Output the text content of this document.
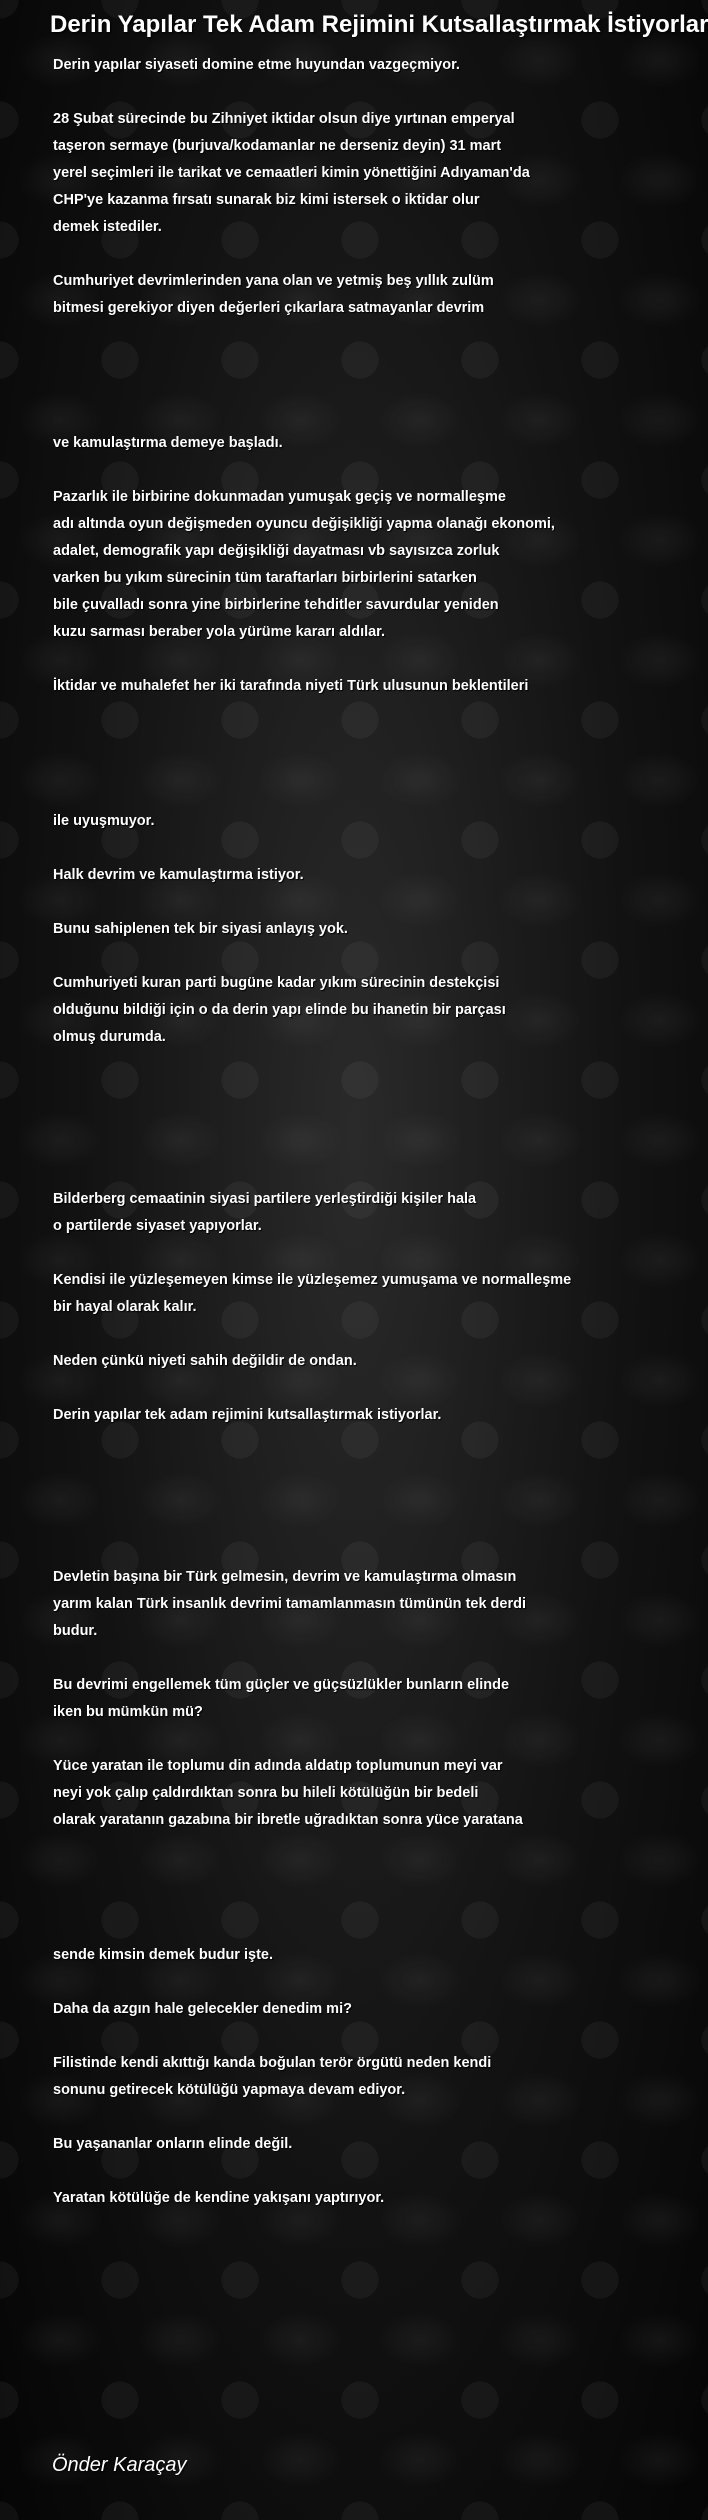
Derin Yapılar Tek Adam Rejimini Kutsallaştırmak İstiyorlar
Derin yapılar siyaseti domine etme huyundan vazgeçmiyor.
28 Şubat sürecinde bu Zihniyet iktidar olsun diye yırtınan emperyal
taşeron sermaye (burjuva/kodamanlar ne derseniz deyin) 31 mart
yerel seçimleri ile tarikat ve cemaatleri kimin yönettiğini Adıyaman'da
CHP'ye kazanma fırsatı sunarak biz kimi istersek o iktidar olur
demek istediler.
Cumhuriyet devrimlerinden yana olan ve yetmiş beş yıllık zulüm
bitmesi gerekiyor diyen değerleri çıkarlara satmayanlar devrim
ve kamulaştırma demeye başladı.
Pazarlık ile birbirine dokunmadan yumuşak geçiş ve normalleşme
adı altında oyun değişmeden oyuncu değişikliği yapma olanağı ekonomi,
adalet, demografik yapı değişikliği dayatması vb sayısızca zorluk
varken bu yıkım sürecinin tüm taraftarları birbirlerini satarken
bile çuvalladı sonra yine birbirlerine tehditler savurdular yeniden
kuzu sarması beraber yola yürüme kararı aldılar.
İktidar ve muhalefet her iki tarafında niyeti Türk ulusunun beklentileri
ile uyuşmuyor.
Halk devrim ve kamulaştırma istiyor.
Bunu sahiplenen tek bir siyasi anlayış yok.
Cumhuriyeti kuran parti bugüne kadar yıkım sürecinin destekçisi
olduğunu bildiği için o da derin yapı elinde bu ihanetin bir parçası
olmuş durumda.
Bilderberg cemaatinin siyasi partilere yerleştirdiği kişiler hala
o partilerde siyaset yapıyorlar.
Kendisi ile yüzleşemeyen kimse ile yüzleşemez yumuşama ve normalleşme
bir hayal olarak kalır.
Neden çünkü niyeti sahih değildir de ondan.
Derin yapılar tek adam rejimini kutsallaştırmak istiyorlar.
Devletin başına bir Türk gelmesin, devrim ve kamulaştırma olmasın
yarım kalan Türk insanlık devrimi tamamlanmasın tümünün tek derdi
budur.
Bu devrimi engellemek tüm güçler ve güçsüzlükler bunların elinde
iken bu mümkün mü?
Yüce yaratan ile toplumu din adında aldatıp toplumunun meyi var
neyi yok çalıp çaldırdıktan sonra bu hileli kötülüğün bir bedeli
olarak yaratanın gazabına bir ibretle uğradıktan sonra yüce yaratana
sende kimsin demek budur işte.
Daha da azgın hale gelecekler denedim mi?
Filistinde kendi akıttığı kanda boğulan terör örgütü neden kendi
sonunu getirecek kötülüğü yapmaya devam ediyor.
Bu yaşananlar onların elinde değil.
Yaratan kötülüğe de kendine yakışanı yaptırıyor.
Önder Karaçay
